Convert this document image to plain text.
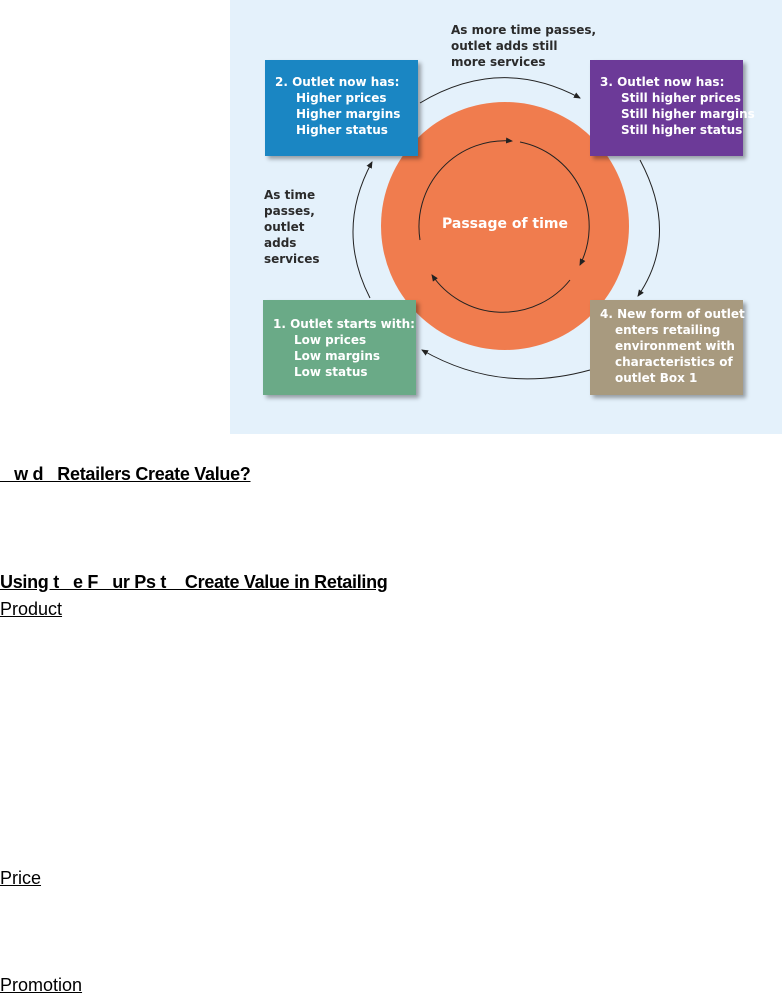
Passage of time
As more time passes,
outlet adds still
more services
As time
passes,
outlet
adds
services
2. Outlet now has:
Higher prices
Higher margins
Higher status
3. Outlet now has:
Still higher prices
Still higher margins
Still higher status
1. Outlet starts with:
Low prices
Low margins
Low status
4. New form of outlet
enters retailing
environment with
characteristics of
outlet Box 1
w d   Retailers Create Value?
Using t   e F   ur Ps t    Create Value in Retailing
Product
Price
Promotion
